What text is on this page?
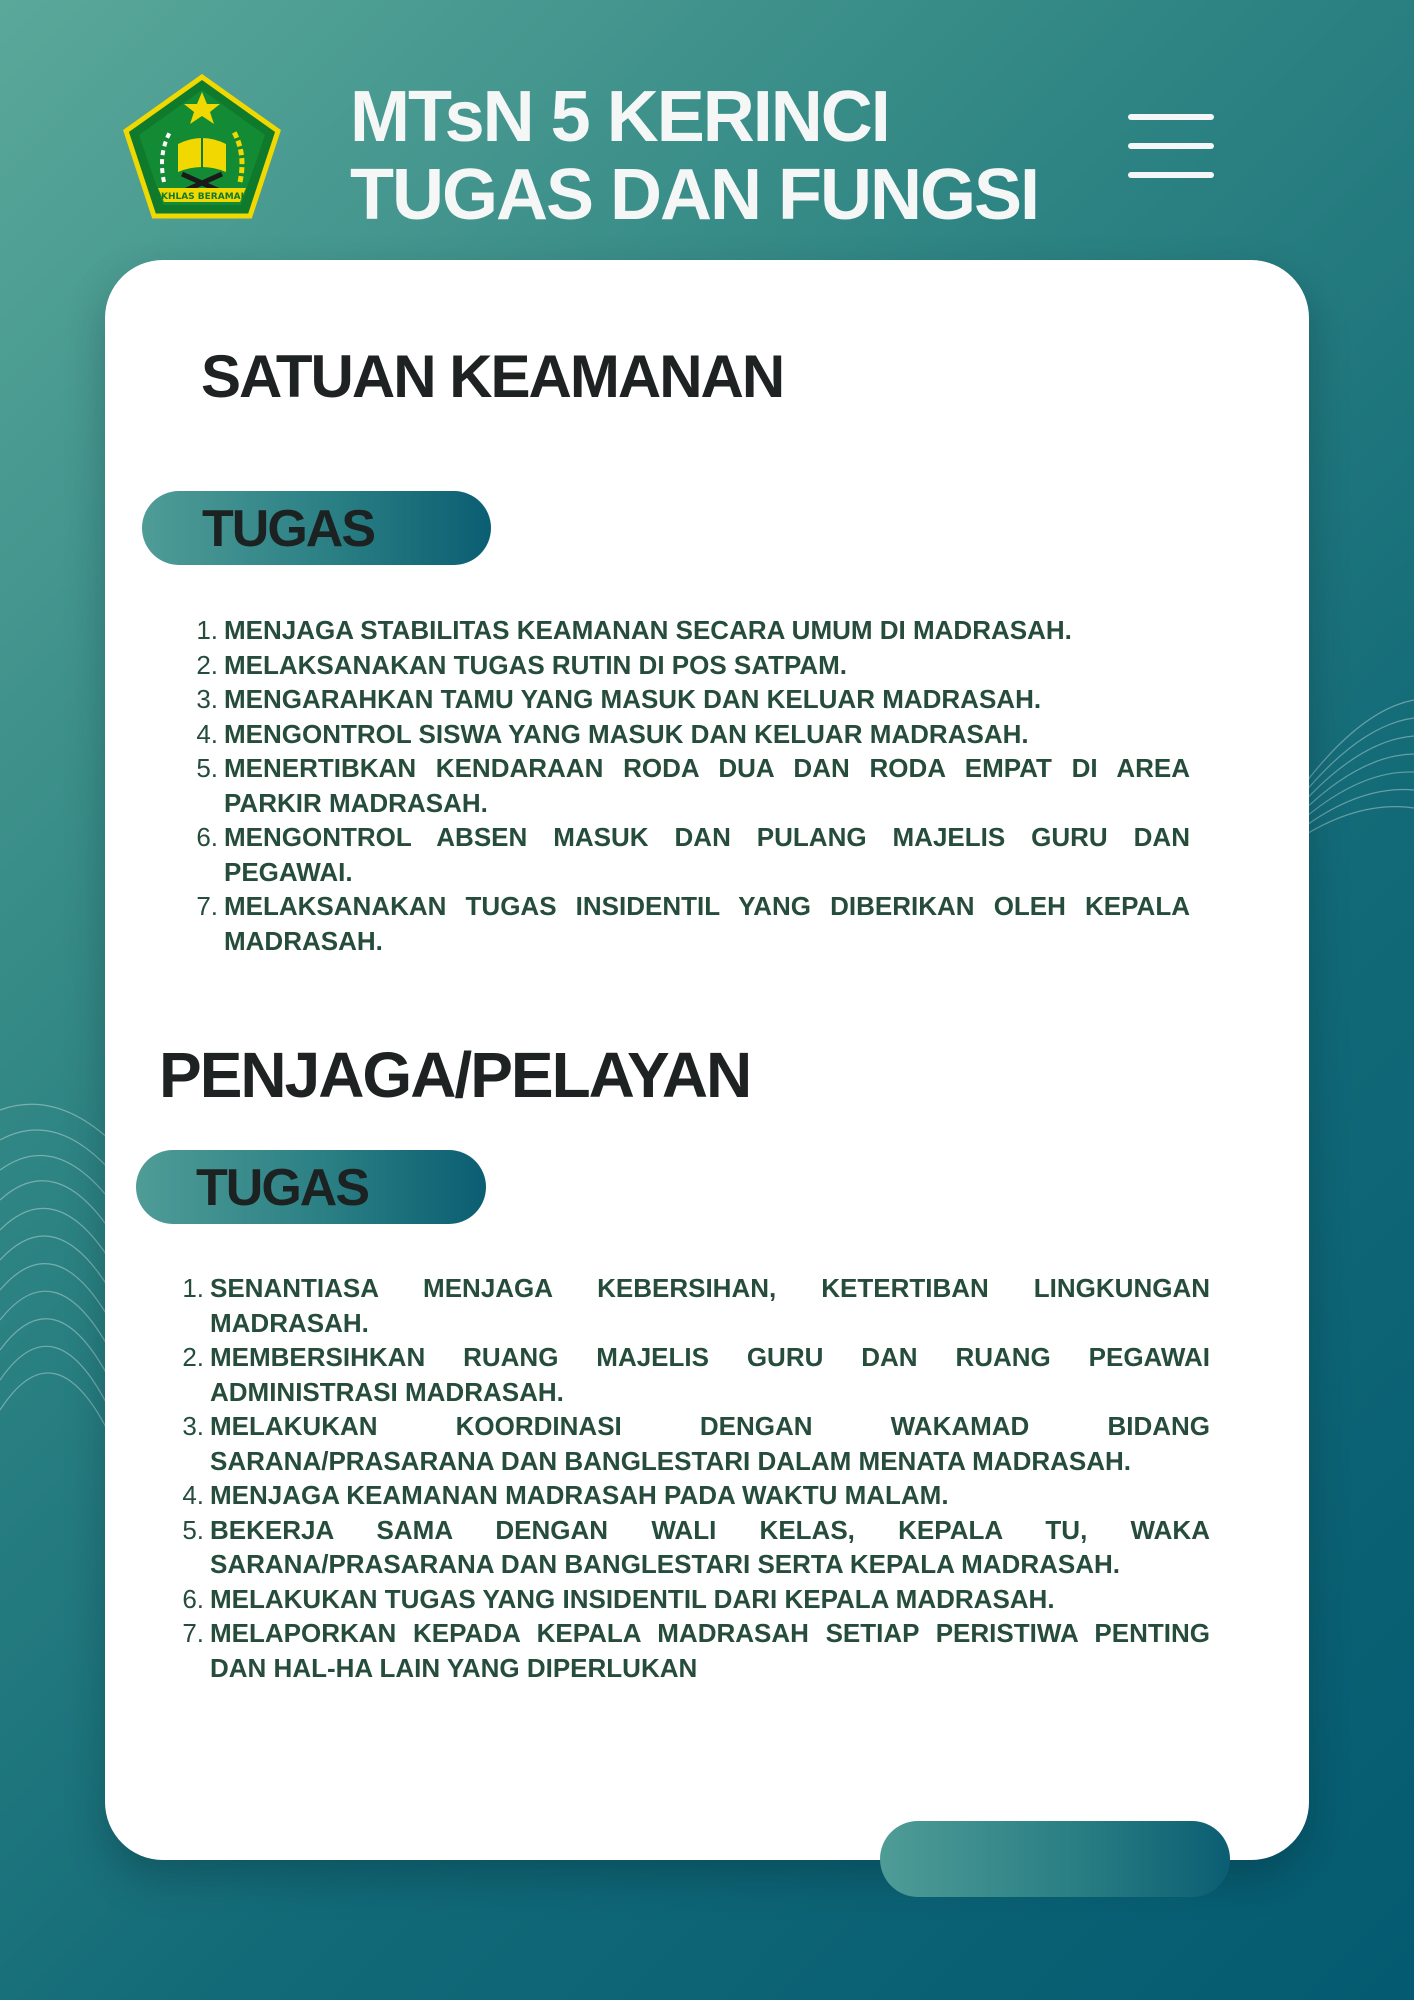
IKHLAS BERAMAL
MTsN 5 KERINCI
TUGAS DAN FUNGSI
SATUAN KEAMANAN
TUGAS
1. MENJAGA STABILITAS KEAMANAN SECARA UMUM DI MADRASAH.
2. MELAKSANAKAN TUGAS RUTIN DI POS SATPAM.
3. MENGARAHKAN TAMU YANG MASUK DAN KELUAR MADRASAH.
4. MENGONTROL SISWA YANG MASUK DAN KELUAR MADRASAH.
5. MENERTIBKAN KENDARAAN RODA DUA DAN RODA EMPAT DI AREA PARKIR MADRASAH.
6. MENGONTROL ABSEN MASUK DAN PULANG MAJELIS GURU DAN PEGAWAI.
7. MELAKSANAKAN TUGAS INSIDENTIL YANG DIBERIKAN OLEH KEPALA MADRASAH.
PENJAGA/PELAYAN
TUGAS
1. SENANTIASA MENJAGA KEBERSIHAN, KETERTIBAN LINGKUNGAN MADRASAH.
2. MEMBERSIHKAN RUANG MAJELIS GURU DAN RUANG PEGAWAI ADMINISTRASI MADRASAH.
3. MELAKUKAN KOORDINASI DENGAN WAKAMAD BIDANG SARANA/PRASARANA DAN BANGLESTARI DALAM MENATA MADRASAH.
4. MENJAGA KEAMANAN MADRASAH PADA WAKTU MALAM.
5. BEKERJA SAMA DENGAN WALI KELAS, KEPALA TU, WAKA SARANA/PRASARANA DAN BANGLESTARI SERTA KEPALA MADRASAH.
6. MELAKUKAN TUGAS YANG INSIDENTIL DARI KEPALA MADRASAH.
7. MELAPORKAN KEPADA KEPALA MADRASAH SETIAP PERISTIWA PENTING DAN HAL-HA LAIN YANG DIPERLUKAN
